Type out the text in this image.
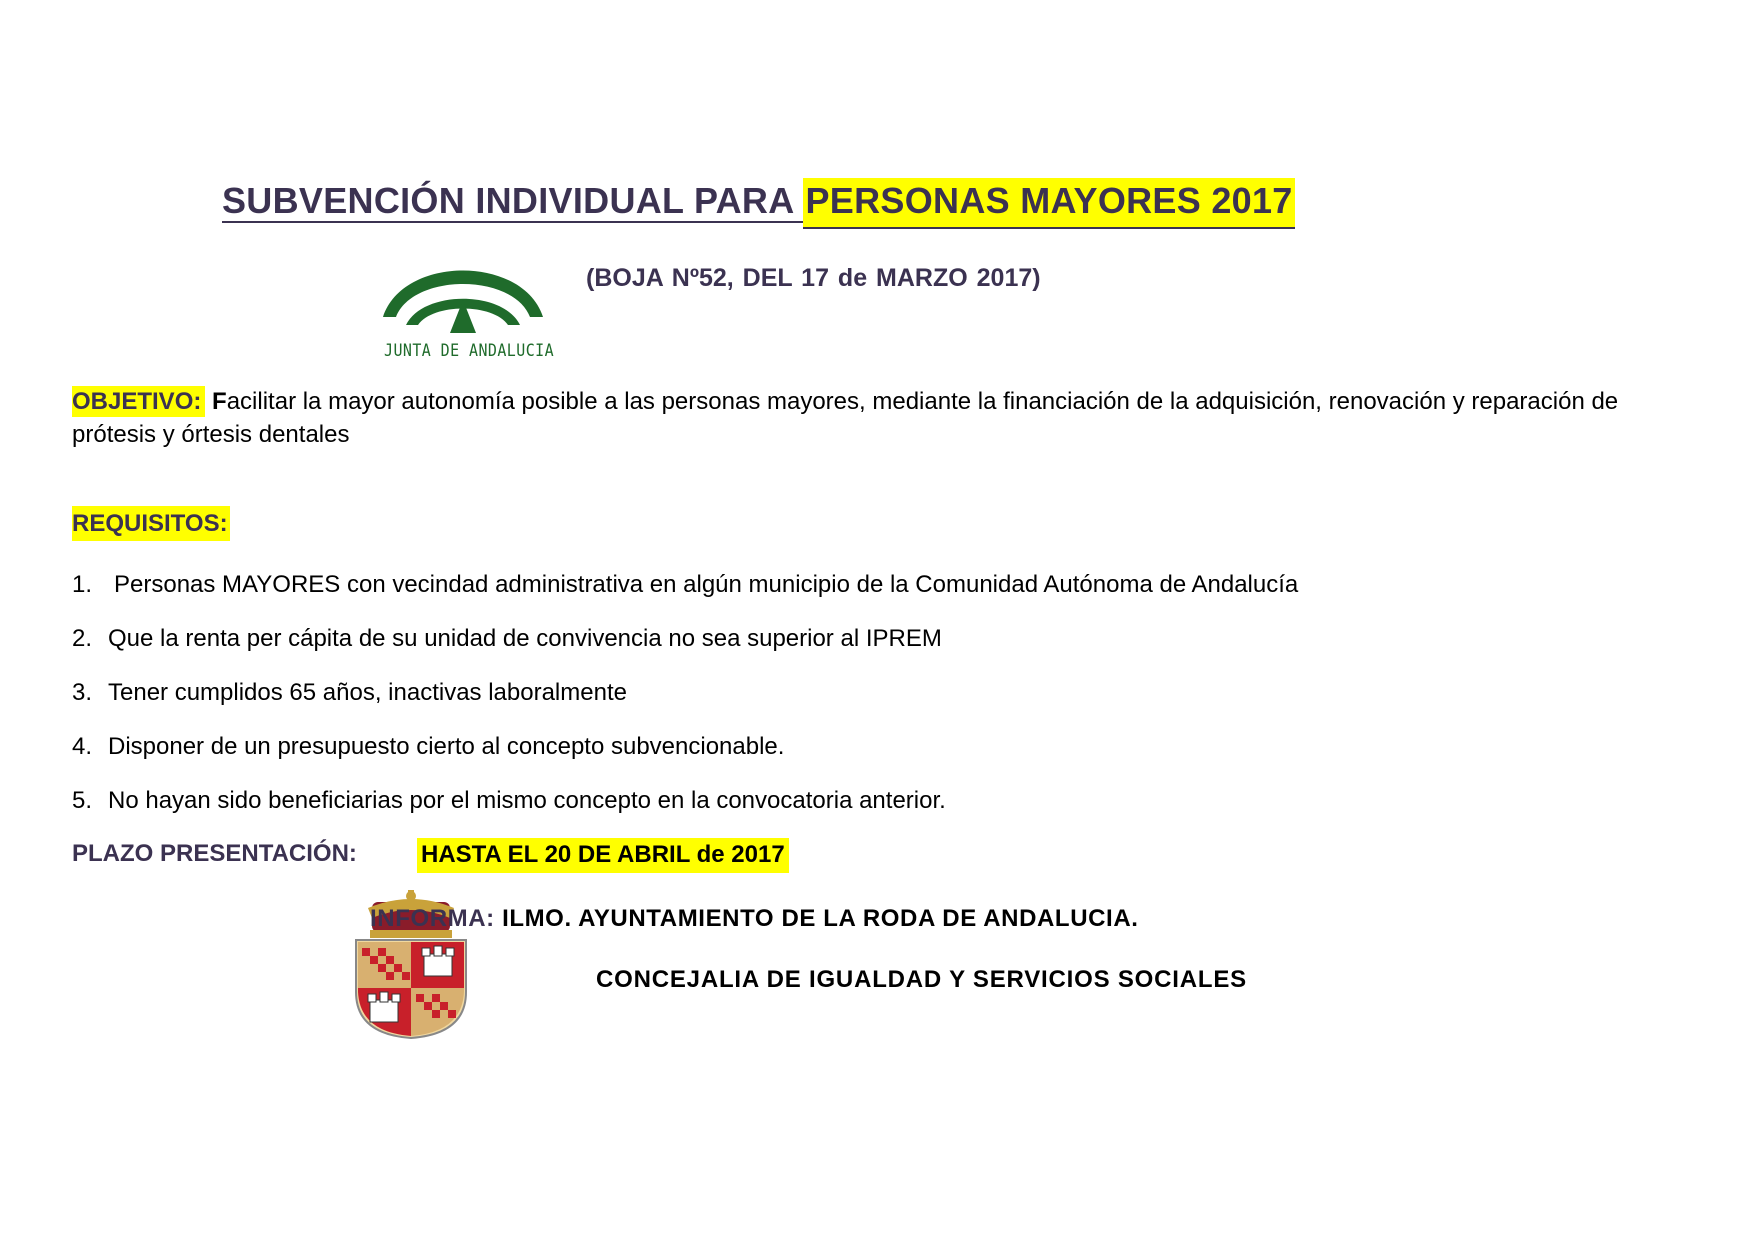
SUBVENCIÓN INDIVIDUAL PARA PERSONAS MAYORES 2017
JUNTA DE ANDALUCIA
(BOJA Nº52, DEL 17 de MARZO 2017)
OBJETIVO: Facilitar la mayor autonomía posible a las personas mayores, mediante la financiación de la adquisición, renovación y reparación de prótesis y órtesis dentales
REQUISITOS:
1. Personas MAYORES con vecindad administrativa en algún municipio de la Comunidad Autónoma de Andalucía
2. Que la renta per cápita de su unidad de convivencia no sea superior al IPREM
3. Tener cumplidos 65 años, inactivas laboralmente
4. Disponer de un presupuesto cierto al concepto subvencionable.
5. No hayan sido beneficiarias por el mismo concepto en la convocatoria anterior.
PLAZO PRESENTACIÓN:	HASTA EL 20 DE ABRIL de 2017
INFORMA: ILMO. AYUNTAMIENTO DE LA RODA DE ANDALUCIA.
CONCEJALIA DE IGUALDAD Y SERVICIOS SOCIALES
